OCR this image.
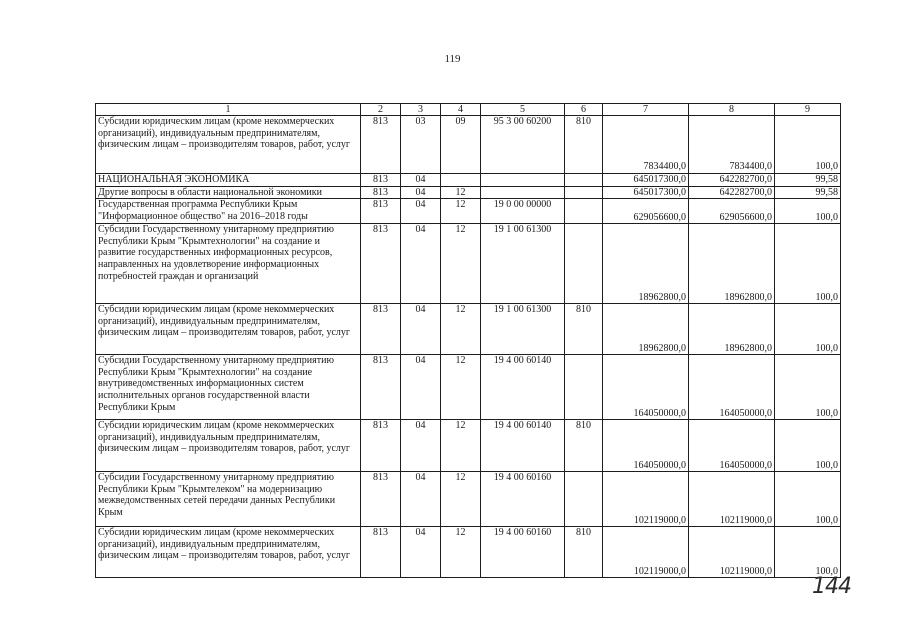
119
1	2	3	4	5	6	7	8	9
Субсидии юридическим лицам (кроме некоммерческих организаций), индивидуальным предпринимателям, физическим лицам – производителям товаров, работ, услуг	813	03	09	95 3 00 60200	810	7834400,0	7834400,0	100,0
НАЦИОНАЛЬНАЯ ЭКОНОМИКА	813	04				645017300,0	642282700,0	99,58
Другие вопросы в области национальной экономики	813	04	12			645017300,0	642282700,0	99,58
Государственная программа Республики Крым "Информационное общество" на 2016–2018 годы	813	04	12	19 0 00 00000		629056600,0	629056600,0	100,0
Субсидии Государственному унитарному предприятию Республики Крым "Крымтехнологии" на создание и развитие государственных информационных ресурсов, направленных на удовлетворение информационных потребностей граждан и организаций	813	04	12	19 1 00 61300		18962800,0	18962800,0	100,0
Субсидии юридическим лицам (кроме некоммерческих организаций), индивидуальным предпринимателям, физическим лицам – производителям товаров, работ, услуг	813	04	12	19 1 00 61300	810	18962800,0	18962800,0	100,0
Субсидии Государственному унитарному предприятию Республики Крым "Крымтехнологии" на создание внутриведомственных информационных систем исполнительных органов государственной власти Республики Крым	813	04	12	19 4 00 60140		164050000,0	164050000,0	100,0
Субсидии юридическим лицам (кроме некоммерческих организаций), индивидуальным предпринимателям, физическим лицам – производителям товаров, работ, услуг	813	04	12	19 4 00 60140	810	164050000,0	164050000,0	100,0
Субсидии Государственному унитарному предприятию Республики Крым "Крымтелеком" на модернизацию межведомственных сетей передачи данных Республики Крым	813	04	12	19 4 00 60160		102119000,0	102119000,0	100,0
Субсидии юридическим лицам (кроме некоммерческих организаций), индивидуальным предпринимателям, физическим лицам – производителям товаров, работ, услуг	813	04	12	19 4 00 60160	810	102119000,0	102119000,0	100,0
144
